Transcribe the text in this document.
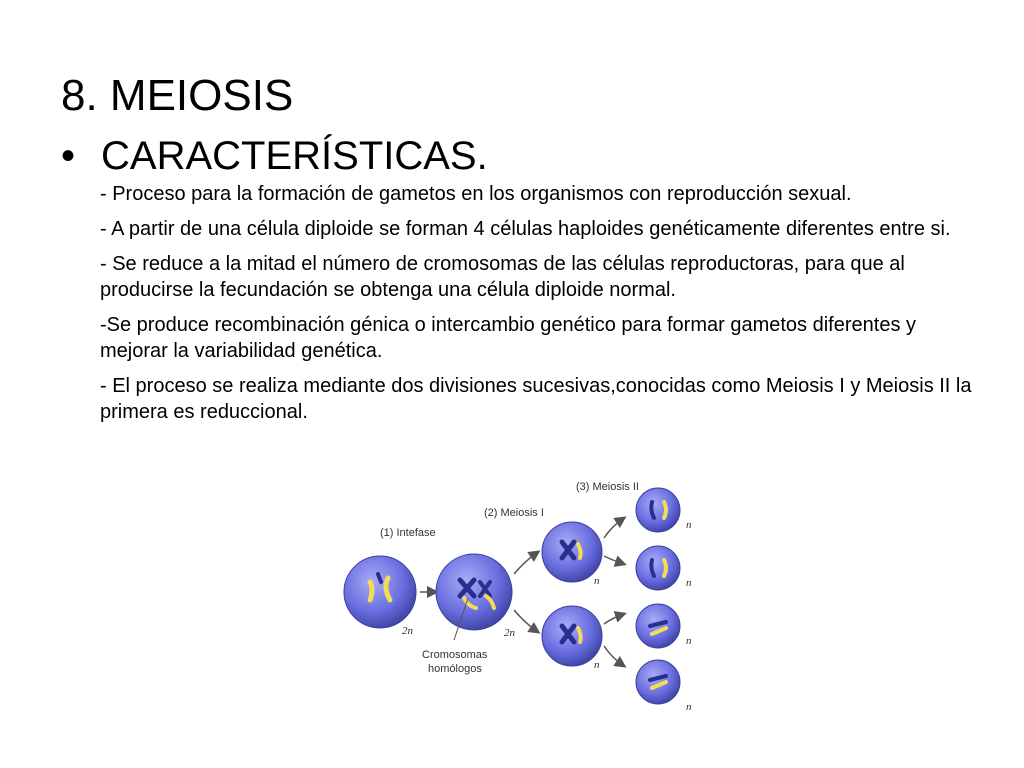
8. MEIOSIS
• CARACTERÍSTICAS.
- Proceso para la formación de gametos en los organismos con reproducción sexual.
- A partir de una célula diploide se forman 4 células haploides genéticamente diferentes entre si.
- Se reduce a la mitad el número de cromosomas de las células reproductoras, para que al producirse la fecundación se obtenga una célula diploide normal.
-Se produce recombinación génica o intercambio genético para formar gametos diferentes y mejorar la variabilidad genética.
- El proceso se realiza mediante dos divisiones sucesivas,conocidas como Meiosis I y Meiosis II la primera es reduccional.
(1) Intefase
(2) Meiosis I
(3) Meiosis II
2n	2n
Cromosomas
homólogos
n
n
n
n
n
n
